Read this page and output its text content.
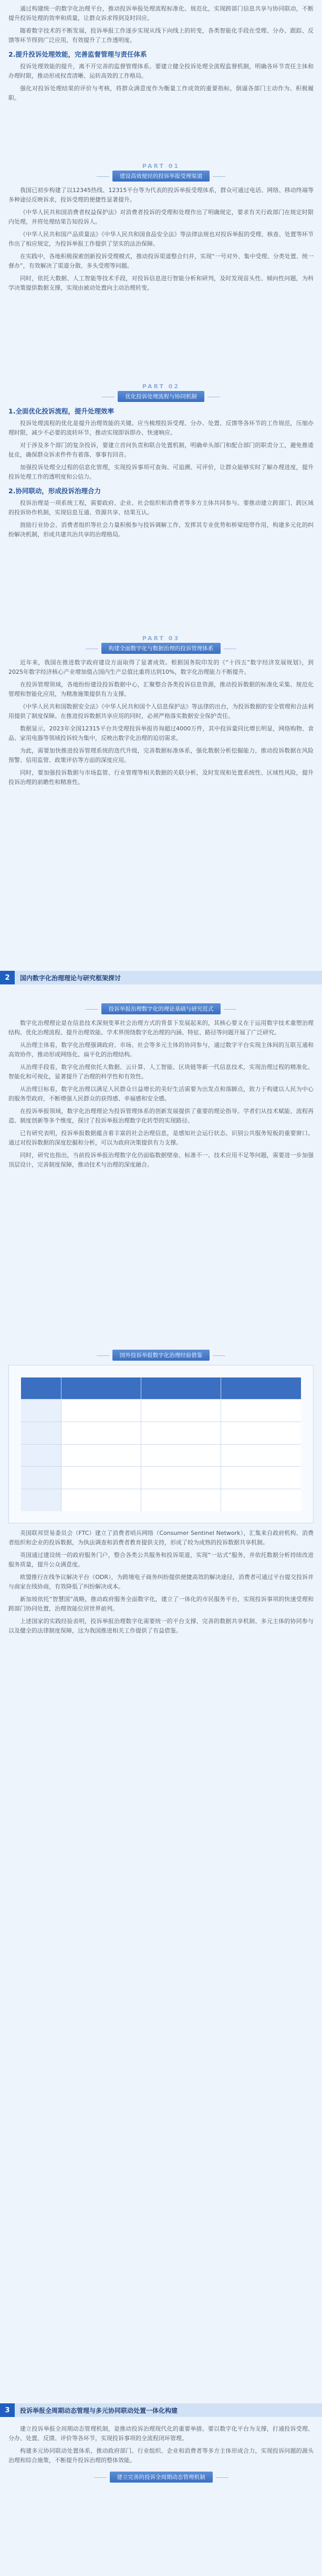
通过构建统一的数字化治理平台，推动投诉举报处理流程标准化、规范化，实现跨部门信息共享与协同联动，不断提升投诉处理的效率和质量，让群众诉求得到及时回应。

随着数字技术的不断发展，投诉举报工作逐步实现从线下向线上的转变，各类智能化手段在受理、分办、跟踪、反馈等环节得到广泛应用，有效提升了工作透明度。

2.提升投诉处理效能，完善监督管理与责任体系

投诉处理效能的提升，离不开完善的监督管理体系。要建立健全投诉处理全流程监督机制，明确各环节责任主体和办理时限，推动形成权责清晰、运转高效的工作格局。

强化对投诉处理结果的评价与考核，将群众满意度作为衡量工作成效的重要指标，倒逼各部门主动作为、积极履职。

PART 01
建设高效便民的投诉举报受理渠道

我国已初步构建了以12345热线、12315平台等为代表的投诉举报受理体系，群众可通过电话、网络、移动终端等多种途径反映诉求，投诉受理的便捷性显著提升。

《中华人民共和国消费者权益保护法》对消费者投诉的受理和处理作出了明确规定，要求有关行政部门在规定时限内处理，并将处理结果告知投诉人。

《中华人民共和国产品质量法》《中华人民共和国食品安全法》等法律法规也对投诉举报的受理、核查、处置等环节作出了相应规定，为投诉举报工作提供了坚实的法治保障。

在实践中，各地积极探索创新投诉受理模式，推动投诉渠道整合归并，实现“一号对外、集中受理、分类处置、统一督办”，有效解决了渠道分散、多头受理等问题。

同时，依托大数据、人工智能等技术手段，对投诉信息进行智能分析和研判，及时发现苗头性、倾向性问题，为科学决策提供数据支撑，实现由被动处置向主动治理转变。

PART 02
优化投诉处理流程与协同机制
1.全面优化投诉流程，提升处理效率

投诉处理流程的优化是提升治理效能的关键。应当梳理投诉受理、分办、处置、反馈等各环节的工作规范，压缩办理时限，减少不必要的流转环节，推动实现即诉即办、快速响应。

对于涉及多个部门的复杂投诉，要建立首问负责和联合处置机制，明确牵头部门和配合部门的职责分工，避免推诿扯皮，确保群众诉求件件有着落、事事有回音。

加强投诉处理全过程的信息化管理，实现投诉事项可查询、可追溯、可评价，让群众能够实时了解办理进度，提升投诉处理工作的透明度和公信力。

2.协同联动，形成投诉治理合力

投诉治理是一项系统工程，需要政府、企业、社会组织和消费者等多方主体共同参与。要推动建立跨部门、跨区域的投诉协作机制，实现信息互通、资源共享、结果互认。

鼓励行业协会、消费者组织等社会力量积极参与投诉调解工作，发挥其专业优势和桥梁纽带作用，构建多元化的纠纷解决机制，形成共建共治共享的治理格局。

PART 03
构建全面数字化与数据治理的投诉管理体系

近年来，我国在推进数字政府建设方面取得了显著成效。根据国务院印发的《“十四五”数字经济发展规划》，到2025年数字经济核心产业增加值占国内生产总值比重将达到10%，数字化治理能力不断提升。

在投诉管理领域，各地纷纷建设投诉数据中心，汇聚整合各类投诉信息资源，推动投诉数据的标准化采集、规范化管理和智能化应用，为精准施策提供有力支撑。

《中华人民共和国数据安全法》《中华人民共和国个人信息保护法》等法律的出台，为投诉数据的安全管理和合法利用提供了制度保障。在推进投诉数据共享应用的同时，必须严格落实数据安全保护责任。

数据显示，2023年全国12315平台共受理投诉举报咨询超过4000万件，其中投诉量同比增长明显，网络购物、食品、家用电器等领域投诉较为集中，反映出数字化治理的迫切需求。

为此，需要加快推进投诉管理系统的迭代升级，完善数据标准体系，强化数据分析挖掘能力，推动投诉数据在风险预警、信用监管、政策评估等方面的深度应用。

同时，要加强投诉数据与市场监管、行业管理等相关数据的关联分析，及时发现和处置系统性、区域性风险，提升投诉治理的前瞻性和精准性。

2	国内数字化治理理论与研究框架探讨
投诉举报治理数字化的理论基础与研究范式

数字化治理理论是在信息技术深刻变革社会治理方式的背景下发展起来的，其核心要义在于运用数字技术重塑治理结构、优化治理流程、提升治理效能。学术界围绕数字化治理的内涵、特征、路径等问题开展了广泛研究。

从治理主体看，数字化治理强调政府、市场、社会等多元主体的协同参与，通过数字平台实现主体间的互联互通和高效协作，推动形成网络化、扁平化的治理结构。

从治理手段看，数字化治理依托大数据、云计算、人工智能、区块链等新一代信息技术，实现治理过程的精准化、智能化和可视化，显著提升了治理的科学性和有效性。

从治理目标看，数字化治理以满足人民群众日益增长的美好生活需要为出发点和落脚点，致力于构建以人民为中心的服务型政府，不断增强人民群众的获得感、幸福感和安全感。

在投诉举报领域，数字化治理理论为投诉管理体系的创新发展提供了重要的理论指导。学者们从技术赋能、流程再造、制度创新等多个维度，探讨了投诉举报治理数字化转型的实现路径。

已有研究表明，投诉举报数据蕴含着丰富的社会治理信息，是感知社会运行状态、识别公共服务短板的重要窗口。通过对投诉数据的深度挖掘和分析，可以为政府决策提供有力支撑。

同时，研究也指出，当前投诉举报治理数字化仍面临数据壁垒、标准不一、技术应用不足等问题，需要进一步加强顶层设计，完善制度保障，推动技术与治理的深度融合。

国外投诉举报数字化治理经验借鉴

美国联邦贸易委员会（FTC）建立了消费者哨兵网络（Consumer Sentinel Network），汇集来自政府机构、消费者组织和企业的投诉数据，为执法调查和消费者教育提供支持，形成了较为成熟的投诉数据共享机制。

英国通过建设统一的政府服务门户，整合各类公共服务和投诉渠道，实现“一站式”服务，并依托数据分析持续改进服务质量，提升公众满意度。

欧盟推行在线争议解决平台（ODR），为跨境电子商务纠纷提供便捷高效的解决途径，消费者可通过平台提交投诉并与商家在线协商，有效降低了纠纷解决成本。

新加坡依托“智慧国”战略，推动政府服务全面数字化，建立了一体化的市民服务平台，实现投诉事项的快速受理和跨部门协同处置，治理效能位居世界前列。

上述国家的实践经验表明，投诉举报治理数字化需要统一的平台支撑、完善的数据共享机制、多元主体的协同参与以及健全的法律制度保障，这为我国推进相关工作提供了有益借鉴。

3	投诉举报全周期动态管理与多元协同联动处置一体化构建

建立投诉举报全周期动态管理机制，是推动投诉治理现代化的重要举措。要以数字化平台为支撑，打通投诉受理、分办、处置、反馈、评价等各环节，实现投诉事项的全流程闭环管理。

构建多元协同联动处置体系，推动政府部门、行业组织、企业和消费者等多方主体形成合力，实现投诉问题的源头治理和综合施策，不断提升投诉治理的整体效能。

建立完善的投诉全周期动态管理机制
